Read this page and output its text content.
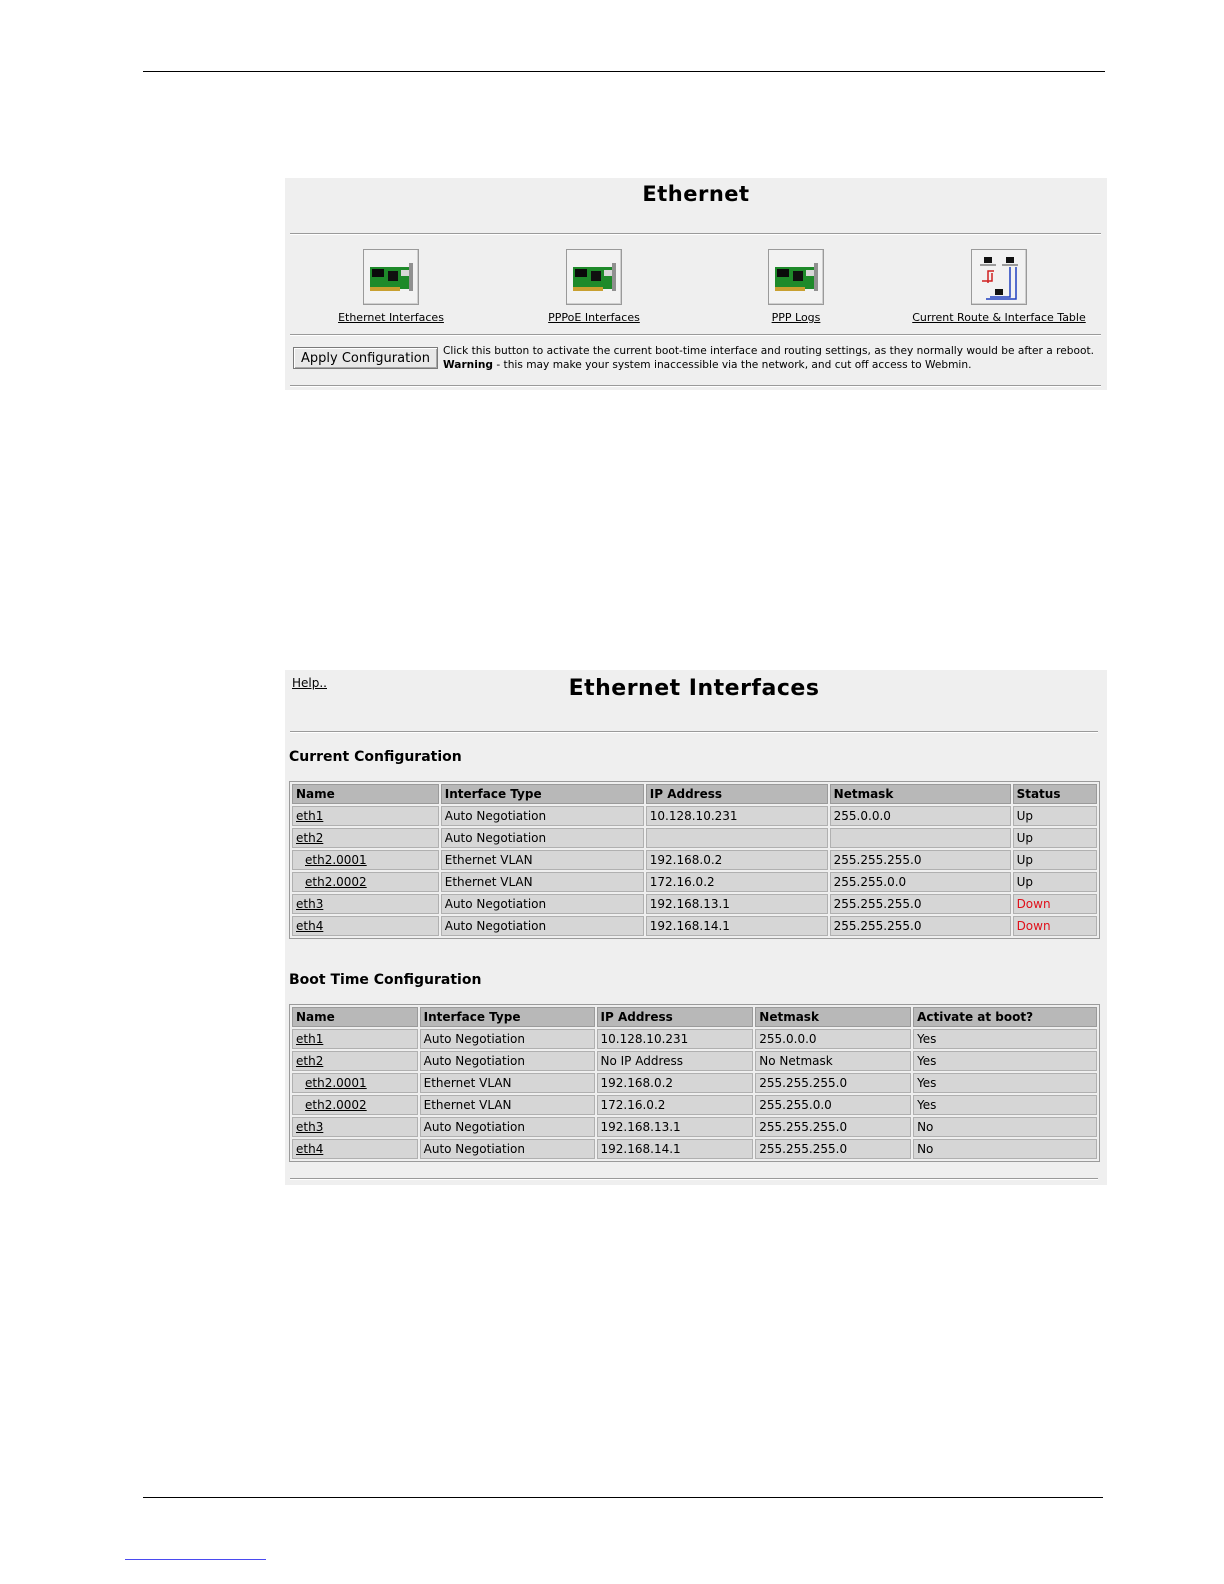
Ethernet
Ethernet Interfaces	PPPoE Interfaces	PPP Logs	Current Route & Interface Table
Apply Configuration	Click this button to activate the current boot-time interface and routing settings, as they normally would be after a reboot. Warning - this may make your system inaccessible via the network, and cut off access to Webmin.
Help..	Ethernet Interfaces
Current Configuration
Name	Interface Type	IP Address	Netmask	Status
eth1	Auto Negotiation	10.128.10.231	255.0.0.0	Up
eth2	Auto Negotiation			Up
eth2.0001	Ethernet VLAN	192.168.0.2	255.255.255.0	Up
eth2.0002	Ethernet VLAN	172.16.0.2	255.255.0.0	Up
eth3	Auto Negotiation	192.168.13.1	255.255.255.0	Down
eth4	Auto Negotiation	192.168.14.1	255.255.255.0	Down
Boot Time Configuration
Name	Interface Type	IP Address	Netmask	Activate at boot?
eth1	Auto Negotiation	10.128.10.231	255.0.0.0	Yes
eth2	Auto Negotiation	No IP Address	No Netmask	Yes
eth2.0001	Ethernet VLAN	192.168.0.2	255.255.255.0	Yes
eth2.0002	Ethernet VLAN	172.16.0.2	255.255.0.0	Yes
eth3	Auto Negotiation	192.168.13.1	255.255.255.0	No
eth4	Auto Negotiation	192.168.14.1	255.255.255.0	No
